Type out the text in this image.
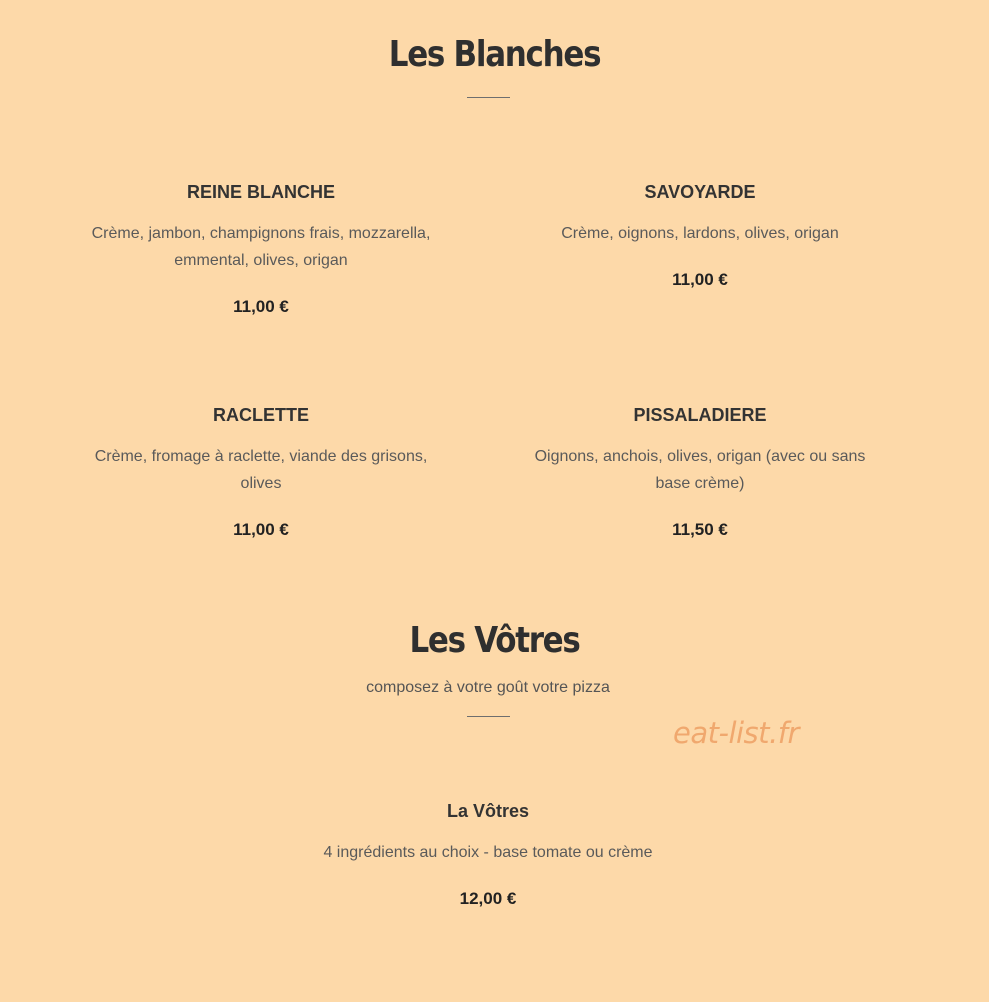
Les Blanches
REINE BLANCHE
Crème, jambon, champignons frais, mozzarella, emmental, olives, origan
11,00 €
SAVOYARDE
Crème, oignons, lardons, olives, origan
11,00 €
RACLETTE
Crème, fromage à raclette, viande des grisons, olives
11,00 €
PISSALADIERE
Oignons, anchois, olives, origan (avec ou sans base crème)
11,50 €
Les Vôtres
composez à votre goût votre pizza
eat-list.fr
La Vôtres
4 ingrédients au choix - base tomate ou crème
12,00 €
